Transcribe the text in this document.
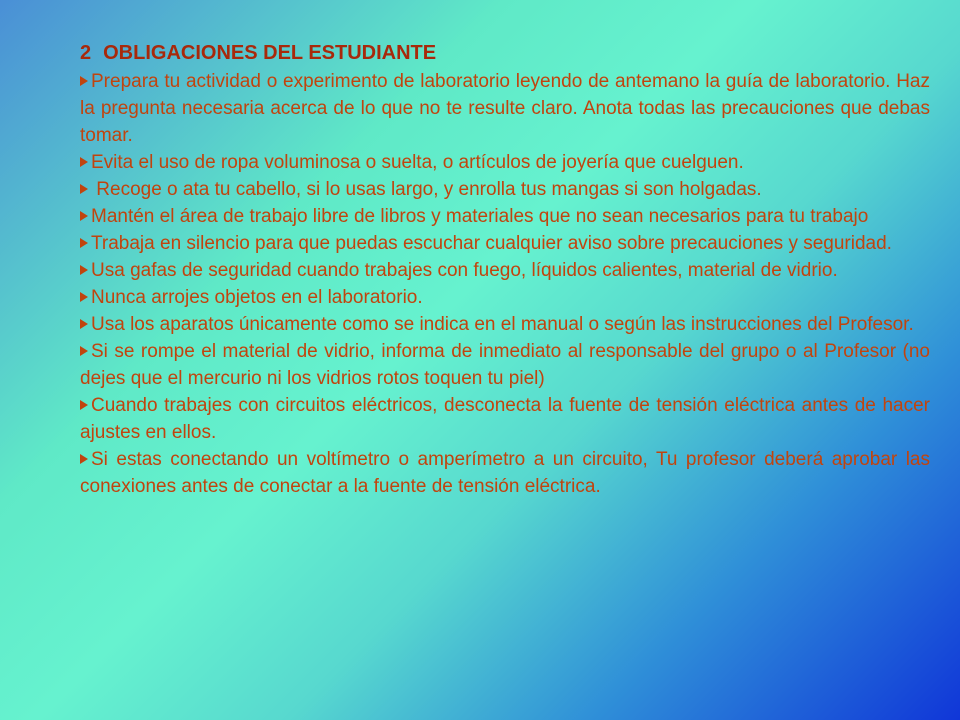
2 OBLIGACIONES DEL ESTUDIANTE

Prepara tu actividad o experimento de laboratorio leyendo de antemano la guía de laboratorio. Haz la pregunta necesaria acerca de lo que no te resulte claro. Anota todas las precauciones que debas tomar.

Evita el uso de ropa voluminosa o suelta, o artículos de joyería que cuelguen.

Recoge o ata tu cabello, si lo usas largo, y enrolla tus mangas si son holgadas.

Mantén el área de trabajo libre de libros y materiales que no sean necesarios para tu trabajo

Trabaja en silencio para que puedas escuchar cualquier aviso sobre precauciones y seguridad.

Usa gafas de seguridad cuando trabajes con fuego, líquidos calientes, material de vidrio.

Nunca arrojes objetos en el laboratorio.

Usa los aparatos únicamente como se indica en el manual o según las instrucciones del Profesor.

Si se rompe el material de vidrio, informa de inmediato al responsable del grupo o al Profesor (no dejes que el mercurio ni los vidrios rotos toquen tu piel)

Cuando trabajes con circuitos eléctricos, desconecta la fuente de tensión eléctrica antes de hacer ajustes en ellos.

Si estas conectando un voltímetro o amperímetro a un circuito, Tu profesor deberá aprobar las conexiones antes de conectar a la fuente de tensión eléctrica.
